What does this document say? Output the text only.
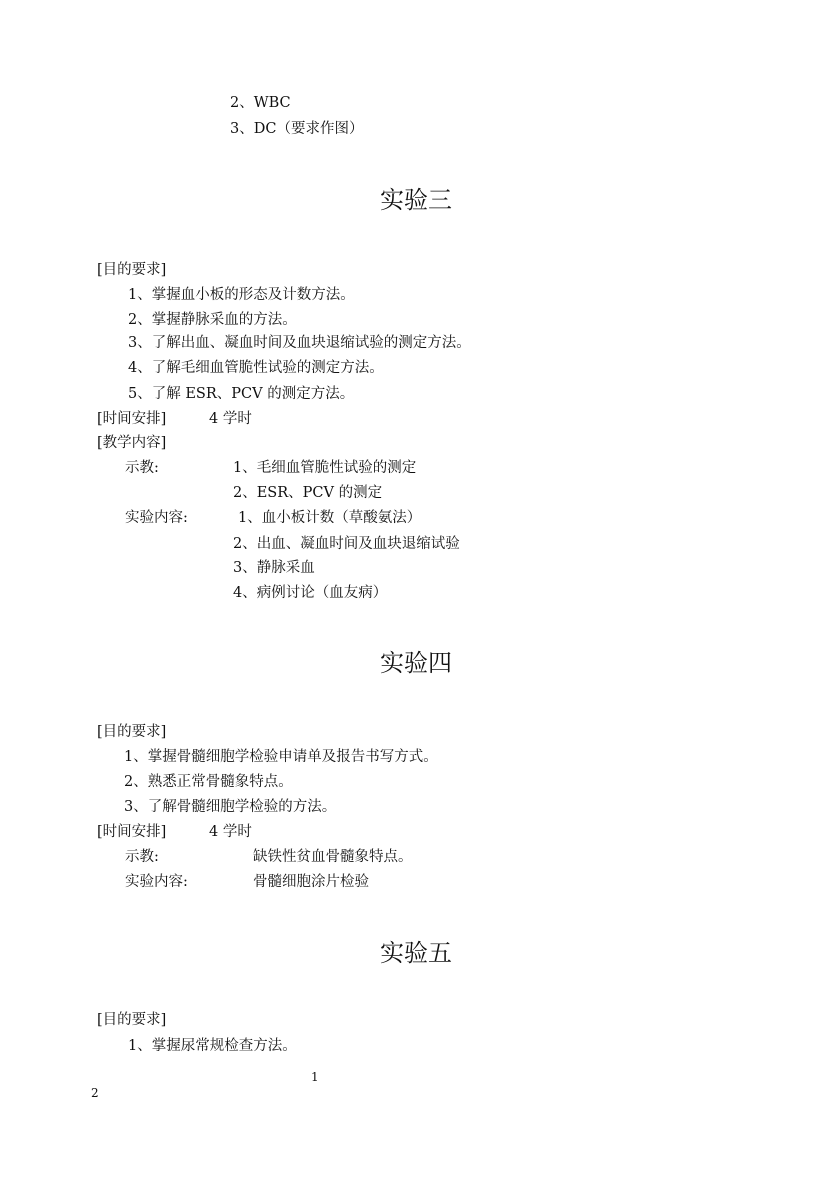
2、WBC
3、DC（要求作图）
实验三
[目的要求]
1、掌握血小板的形态及计数方法。
2、掌握静脉采血的方法。
3、了解出血、凝血时间及血块退缩试验的测定方法。
4、了解毛细血管脆性试验的测定方法。
5、了解 ESR、PCV 的测定方法。
[时间安排]	4 学时
[教学内容]
示教:	1、毛细血管脆性试验的测定
2、ESR、PCV 的测定
实验内容:	1、血小板计数（草酸氨法）
2、出血、凝血时间及血块退缩试验
3、静脉采血
4、病例讨论（血友病）
实验四
[目的要求]
1、掌握骨髓细胞学检验申请单及报告书写方式。
2、熟悉正常骨髓象特点。
3、了解骨髓细胞学检验的方法。
[时间安排]	4 学时
示教:	缺铁性贫血骨髓象特点。
实验内容:	骨髓细胞涂片检验
实验五
[目的要求]
1、掌握尿常规检查方法。
1
2
